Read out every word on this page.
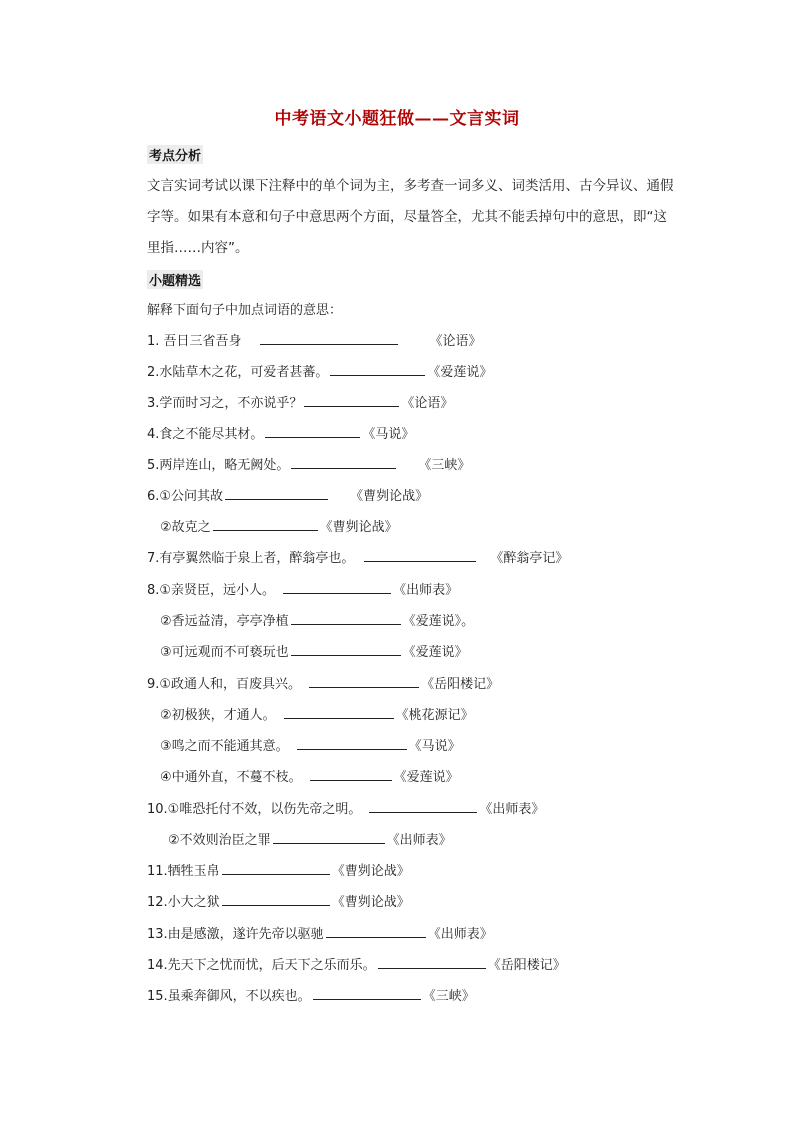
中考语文小题狂做——文言实词
考点分析
文言实词考试以课下注释中的单个词为主，多考查一词多义、词类活用、古今异议、通假字等。如果有本意和句子中意思两个方面，尽量答全，尤其不能丢掉句中的意思，即“这里指……内容”。
小题精选
解释下面句子中加点词语的意思：
1. 吾日三省吾身	《论语》
2.水陆草木之花，可爱者甚蕃。	《爱莲说》
3.学而时习之，不亦说乎？	《论语》
4.食之不能尽其材。	《马说》
5.两岸连山，略无阙处。	《三峡》
6.①公问其故	《曹刿论战》
②故克之	《曹刿论战》
7.有亭翼然临于泉上者，醉翁亭也。	《醉翁亭记》
8.①亲贤臣，远小人。	《出师表》
②香远益清，亭亭净植	《爱莲说》。
③可远观而不可亵玩也	《爱莲说》
9.①政通人和，百废具兴。	《岳阳楼记》
②初极狭，才通人。	《桃花源记》
③鸣之而不能通其意。	《马说》
④中通外直，不蔓不枝。	《爱莲说》
10.①唯恐托付不效，以伤先帝之明。	《出师表》
②不效则治臣之罪	《出师表》
11.牺牲玉帛	《曹刿论战》
12.小大之狱	《曹刿论战》
13.由是感激，遂许先帝以驱驰	《出师表》
14.先天下之忧而忧，后天下之乐而乐。	《岳阳楼记》
15.虽乘奔御风，不以疾也。	《三峡》
